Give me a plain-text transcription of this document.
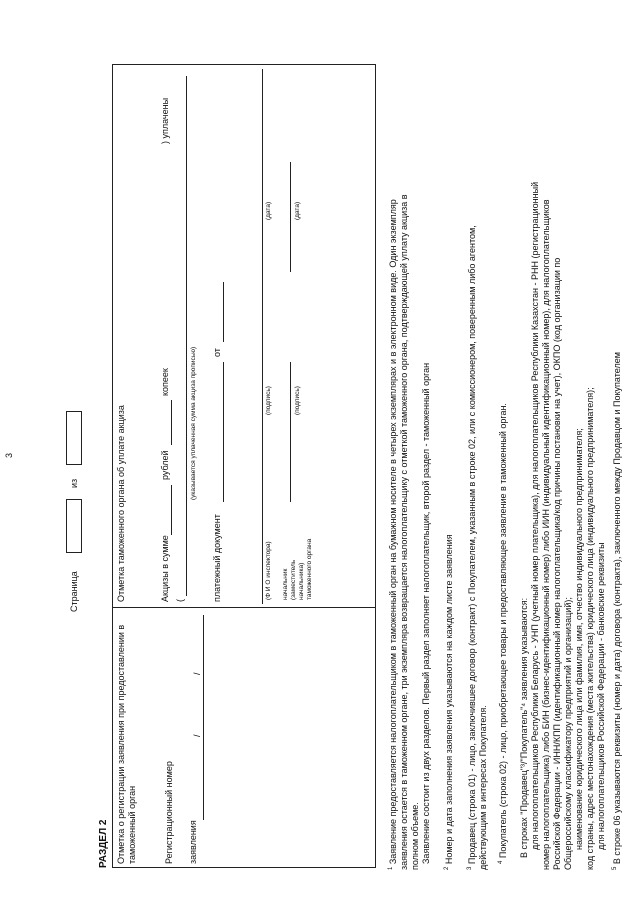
3
Страница
из
РАЗДЕЛ 2 Отметка о регистрации заявления при предоставлении в таможенный орган	Регистрационный номер заявления
/
/
Отметка таможенного органа об уплате акциза	Акцизы в сумме (
рублей
копеек
) уплачены
(указывается уплаченная сумма акциза прописью)
платежный документ
от
(Ф И О инспектора)
(подпись)
(дата)
начальник (заместитель начальника) таможенного органа
(подпись)
(дата)
$^1$ Заявление предоставляется налогоплательщиком в таможенный орган на бумажном носителе в четырех экземплярах и в электронном виде. Один экземпляр заявления остается в таможенном органе, три экземпляра возвращается налогоплательщику с отметкой таможенного органа, подтверждающей уплату акциза в полном объеме. Заявление состоит из двух разделов. Первый раздел заполняет налогоплательщик, второй раздел - таможенный орган
$^2$ Номер и дата заполнения заявления указываются на каждом листе заявления
$^3$ Продавец (строка 01) - лицо, заключившее договор (контракт) с Покупателем, указанным в строке 02, или с комиссионером, поверенным либо агентом, действующим в интересах Покупателя. $^4$ Покупатель (строка 02) - лицо, приобретающее товары и предоставляющее заявление в таможенный орган. В строках "Продавец"³/"Покупатель"⁴ заявления указываются: для налогоплательщиков Республики Беларусь - УНП (учетный номер плательщика), для налогоплательщиков Республики Казахстан - РНН (регистрационный номер налогоплательщика) либо БИН (бизнес-идентификационный номер) либо ИИН (индивидуальный идентификационный номер), для налогоплательщиков Российской Федерации - ИНН/КПП (идентификационный номер налогоплательщика/код причины постановки на учет), ОКПО (код организации по Общероссийскому классификатору предприятий и организаций); наименование юридического лица или фамилия, имя, отчество индивидуального предпринимателя; код страны, адрес местонахождения (места жительства) юридического лица (индивидуального предпринимателя); для налогоплательщиков Российской Федерации - банковские реквизиты
$^5$ В строке 06 указываются реквизиты (номер и дата) договора (контракта), заключенного между Продавцом и Покупателем
